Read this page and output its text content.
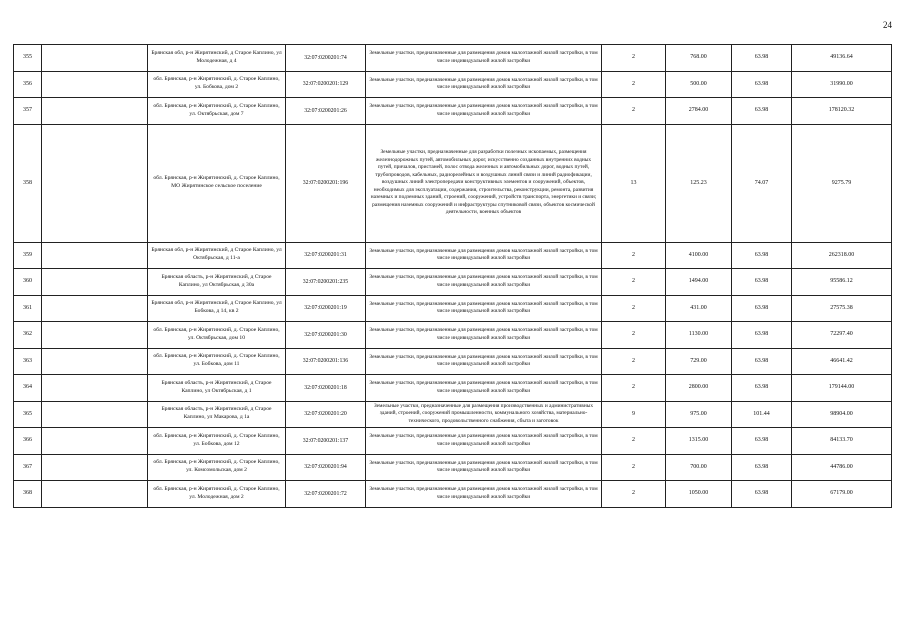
24
355		Брянская обл, р-н Жирятинский, д Старое Каплино, ул Молодежная, д 4	32:07:0200201:74	Земельные участки, предназначенные для размещения домов малоэтажной жилой застройки, в том числе индивидуальной жилой застройки	2	768.00	63.98	49136.64
356		обл. Брянская, р-н Жирятинский, д. Старое Каплино, ул. Бобкова, дом 2	32:07:0200201:129	Земельные участки, предназначенные для размещения домов малоэтажной жилой застройки, в том числе индивидуальной жилой застройки	2	500.00	63.98	31990.00
357		обл. Брянская, р-н Жирятинский, д. Старое Каплино, ул. Октябрьская, дом 7	32:07:0200201:26	Земельные участки, предназначенные для размещения домов малоэтажной жилой застройки, в том числе индивидуальной жилой застройки	2	2784.00	63.98	178120.32
358		обл. Брянская, р-н Жирятинский, д. Старое Каплино, МО Жирятинское сельское поселение	32:07:0200201:196	Земельные участки, предназначенные для разработки полезных ископаемых, размещения железнодорожных путей, автомобильных дорог, искусственно созданных внутренних водных путей, причалов, пристаней, полос отвода железных и автомобильных дорог, водных путей, трубопроводов, кабельных, радиорелейных и воздушных линий связи и линий радиофикации, воздушных линий электропередачи конструктивных элементов и сооружений, объектов, необходимых для эксплуатации, содержания, строительства, реконструкции, ремонта, развития наземных и подземных зданий, строений, сооружений, устройств транспорта, энергетики и связи; размещения наземных сооружений и инфраструктуры спутниковой связи, объектов космической деятельности, военных объектов	13	125.23	74.07	9275.79
359		Брянская обл, р-н Жирятинский, д Старое Каплино, ул Октябрьская, д 11-а	32:07:0200201:31	Земельные участки, предназначенные для размещения домов малоэтажной жилой застройки, в том числе индивидуальной жилой застройки	2	4100.00	63.98	262318.00
360		Брянская область, р-н Жирятинский, д Старое Каплино, ул Октябрьская, д 30а	32:07:0200201:235	Земельные участки, предназначенные для размещения домов малоэтажной жилой застройки, в том числе индивидуальной жилой застройки	2	1494.00	63.98	95586.12
361		Брянская обл, р-н Жирятинский, д Старое Каплино, ул Бобкова, д 14, кв 2	32:07:0200201:19	Земельные участки, предназначенные для размещения домов малоэтажной жилой застройки, в том числе индивидуальной жилой застройки	2	431.00	63.98	27575.38
362		обл. Брянская, р-н Жирятинский, д. Старое Каплино, ул. Октябрьская, дом 10	32:07:0200201:30	Земельные участки, предназначенные для размещения домов малоэтажной жилой застройки, в том числе индивидуальной жилой застройки	2	1130.00	63.98	72297.40
363		обл. Брянская, р-н Жирятинский, д. Старое Каплино, ул. Бобкова, дом 11	32:07:0200201:136	Земельные участки, предназначенные для размещения домов малоэтажной жилой застройки, в том числе индивидуальной жилой застройки	2	729.00	63.98	46641.42
364		Брянская область, р-н Жирятинский, д Старое Каплино, ул Октябрьская, д 1	32:07:0200201:18	Земельные участки, предназначенные для размещения домов малоэтажной жилой застройки, в том числе индивидуальной жилой застройки	2	2800.00	63.98	179144.00
365		Брянская область, р-н Жирятинский, д Старое Каплино, ул Макарова, д 1а	32:07:0200201:20	Земельные участки, предназначенные для размещения производственных и административных зданий, строений, сооружений промышленности, коммунального хозяйства, материально-технического, продовольственного снабжения, сбыта и заготовок	9	975.00	101.44	98904.00
366		обл. Брянская, р-н Жирятинский, д. Старое Каплино, ул. Бобкова, дом 12	32:07:0200201:137	Земельные участки, предназначенные для размещения домов малоэтажной жилой застройки, в том числе индивидуальной жилой застройки	2	1315.00	63.98	84133.70
367		обл. Брянская, р-н Жирятинский, д. Старое Каплино, ул. Комсомольская, дом 2	32:07:0200201:94	Земельные участки, предназначенные для размещения домов малоэтажной жилой застройки, в том числе индивидуальной жилой застройки	2	700.00	63.98	44786.00
368		обл. Брянская, р-н Жирятинский, д. Старое Каплино, ул. Молодежная, дом 2	32:07:0200201:72	Земельные участки, предназначенные для размещения домов малоэтажной жилой застройки, в том числе индивидуальной жилой застройки	2	1050.00	63.98	67179.00
